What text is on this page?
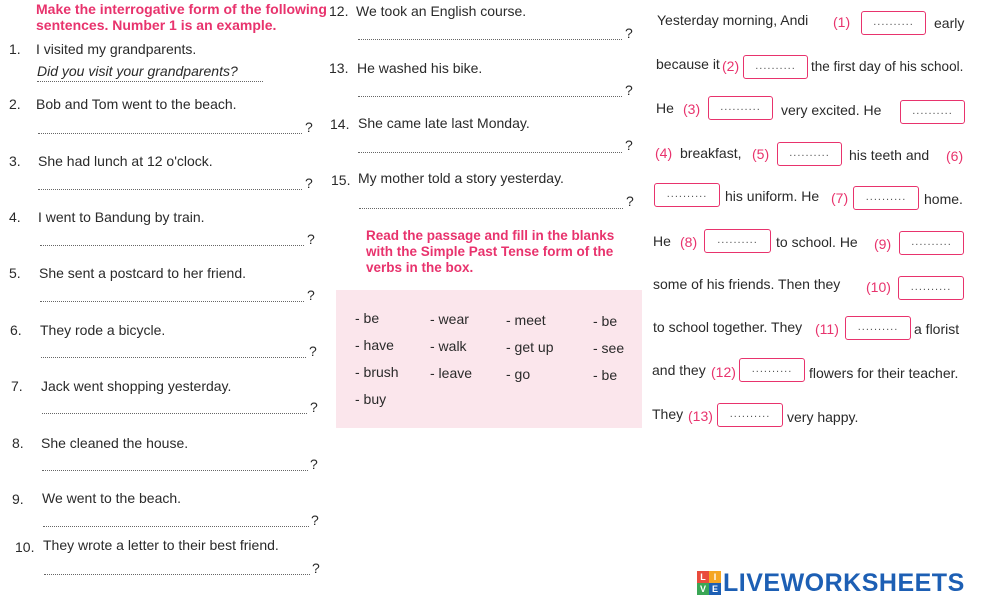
Make the interrogative form of the following
sentences. Number 1 is an example.
1. I visited my grandparents.
Did you visit your grandparents?
2. Bob and Tom went to the beach.
?
3. She had lunch at 12 o'clock.
?
4. I went to Bandung by train.
?
5. She sent a postcard to her friend.
?
6. They rode a bicycle.
?
7. Jack went shopping yesterday.
?
8. She cleaned the house.
?
9. We went to the beach.
?
10. They wrote a letter to their best friend.
?
12. We took an English course.
?
13. He washed his bike.
?
14. She came late last Monday.
?
15. My mother told a story yesterday.
?
Read the passage and fill in the blanks
with the Simple Past Tense form of the
verbs in the box.
- be	- wear	- meet	- be
- have	- walk	- get up	- see
- brush - leave - go	- be
- buy
Yesterday morning, Andi (1)	..........	early
because it (2)	..........	the first day of his school.
He (3)	..........	very excited. He	..........
(4) breakfast, (5)	..........	his teeth and (6)
..........	his uniform. He (7)	..........	home.
He (8)	..........	to school. He (9)	..........
some of his friends. Then they (10)	..........
to school together. They (11)	..........	a florist
and they (12)	..........	flowers for their teacher.
They (13)	..........	very happy.
L I
V E LIVEWORKSHEETS
